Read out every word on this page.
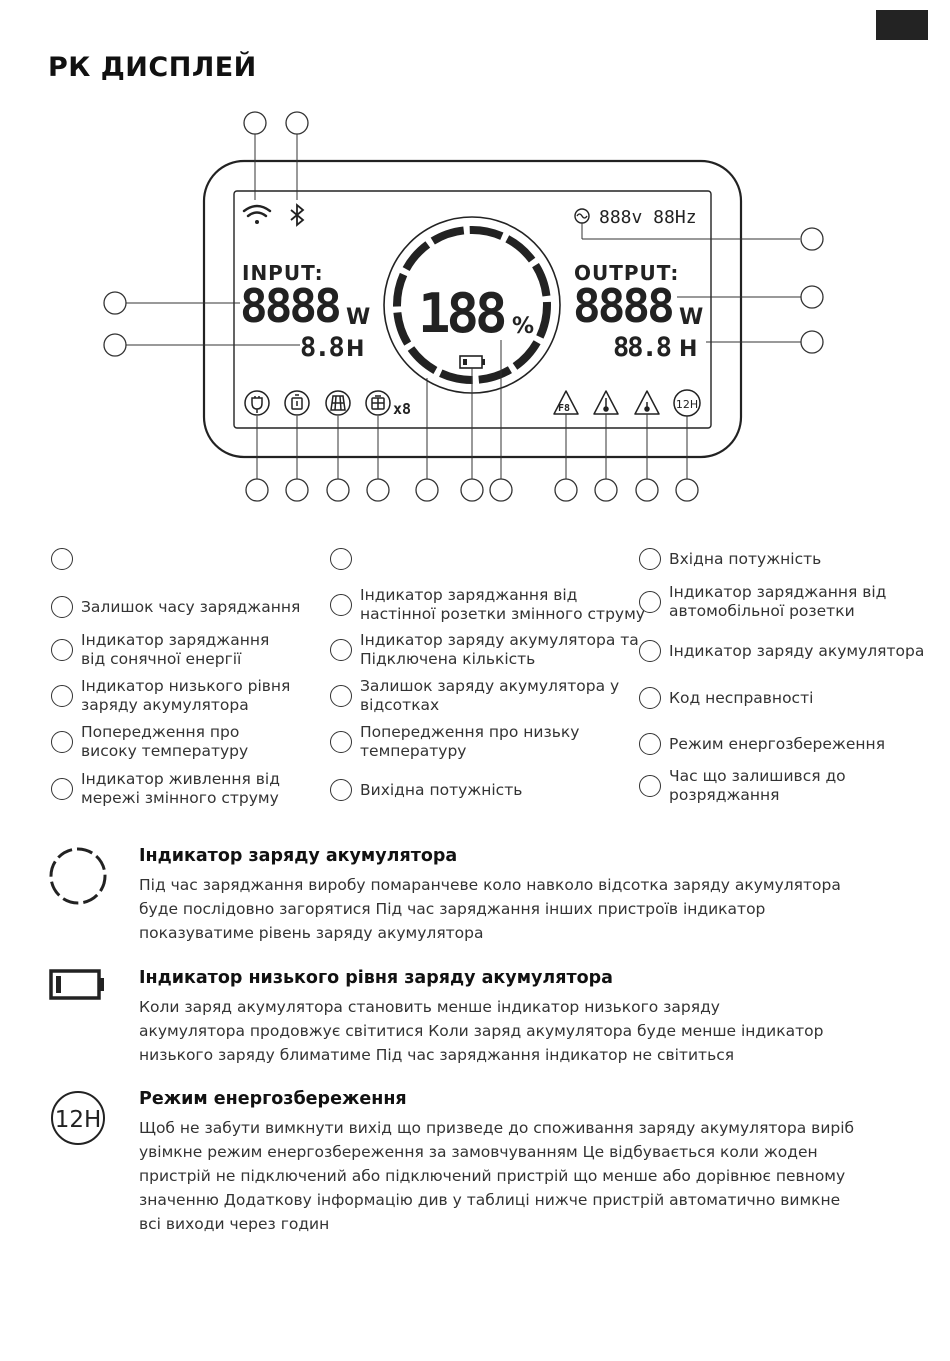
РК ДИСПЛЕЙ
888v 88Hz
INPUT:
8888 W
8.8 H
OUTPUT:
8888 W
88.8 H
188 %
x8	F8	12H
Залишок часу заряджання
Індикатор заряджання
від сонячної енергії
Індикатор низького рівня
заряду акумулятора
Попередження про
високу температуру
Індикатор живлення від
мережі змінного струму
Індикатор заряджання від
настінної розетки змінного струму
Індикатор заряду акумулятора та
Підключена кількість
Залишок заряду акумулятора у
відсотках
Попередження про низьку
температуру
Вихідна потужність
Вхідна потужність
Індикатор заряджання від
автомобільної розетки
Індикатор заряду акумулятора
Код несправності
Режим енергозбереження
Час що залишився до
розряджання
Індикатор заряду акумулятора

Під час заряджання виробу помаранчеве коло навколо відсотка заряду акумулятора

буде послідовно загорятися Під час заряджання інших пристроїв індикатор

показуватиме рівень заряду акумулятора

Індикатор низького рівня заряду акумулятора

Коли заряд акумулятора становить менше індикатор низького заряду

акумулятора продовжує світитися Коли заряд акумулятора буде менше індикатор

низького заряду блиматиме Під час заряджання індикатор не світиться

12H
Режим енергозбереження

Щоб не забути вимкнути вихід що призведе до споживання заряду акумулятора виріб

увімкне режим енергозбереження за замовчуванням Це відбувається коли жоден

пристрій не підключений або підключений пристрій що менше або дорівнює певному

значенню Додаткову інформацію див у таблиці нижче пристрій автоматично вимкне

всі виходи через годин
